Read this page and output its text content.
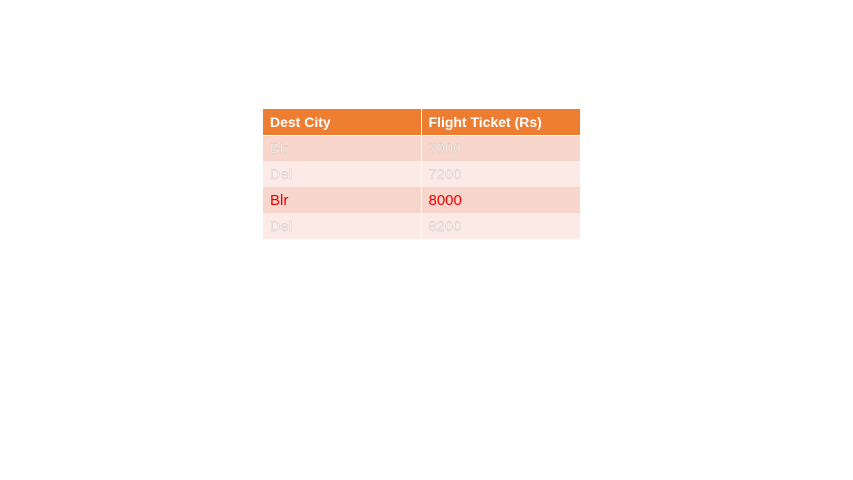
Dest City	Flight Ticket (Rs)
Blr	7000
Del	7200
Blr	8000
Del	8200
